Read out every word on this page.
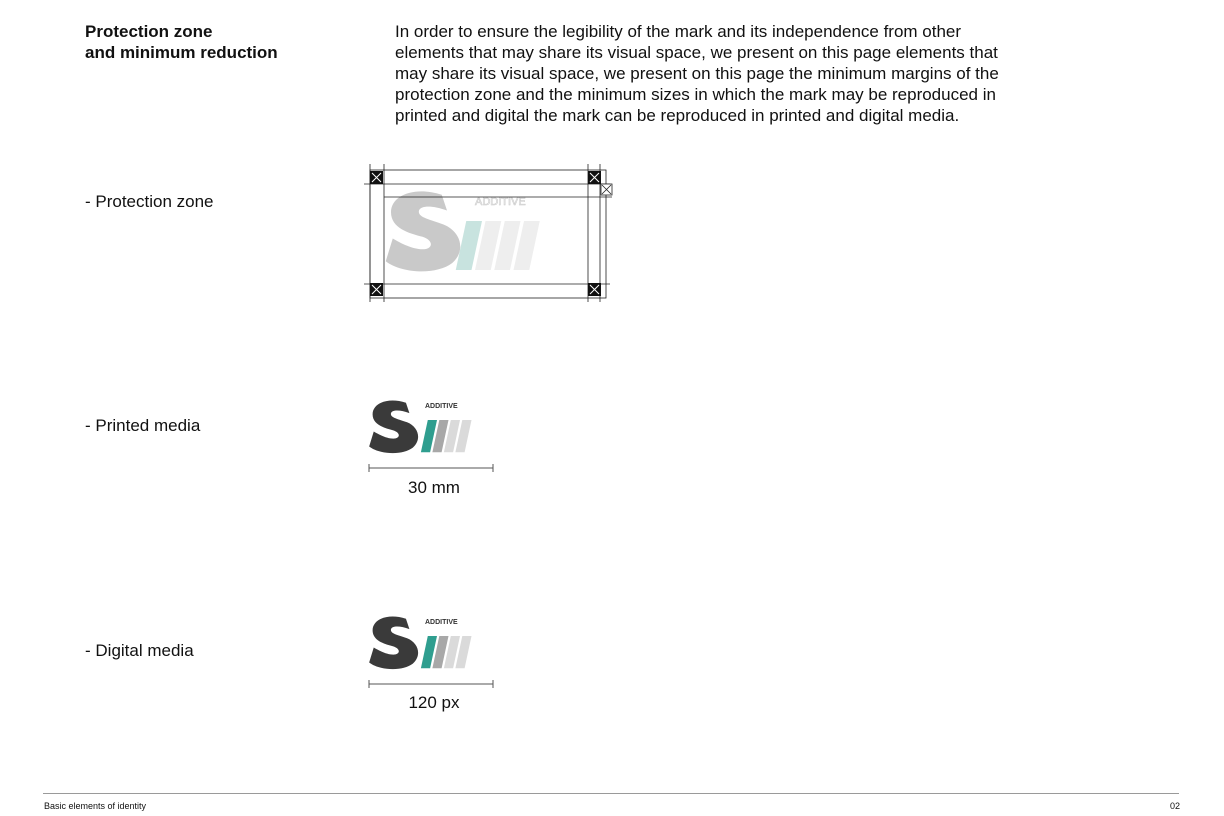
Protection zone
and minimum reduction

In order to ensure the legibility of the mark and its independence from other
elements that may share its visual space, we present on this page elements that
may share its visual space, we present on this page the minimum margins of the
protection zone and the minimum sizes in which the mark may be reproduced in
printed and digital the mark can be reproduced in printed and digital media.

- Protection zone
- Printed media
- Digital media
ADDITIVE
ADDITIVE
30 mm
ADDITIVE
120 px
Basic elements of identity	02
